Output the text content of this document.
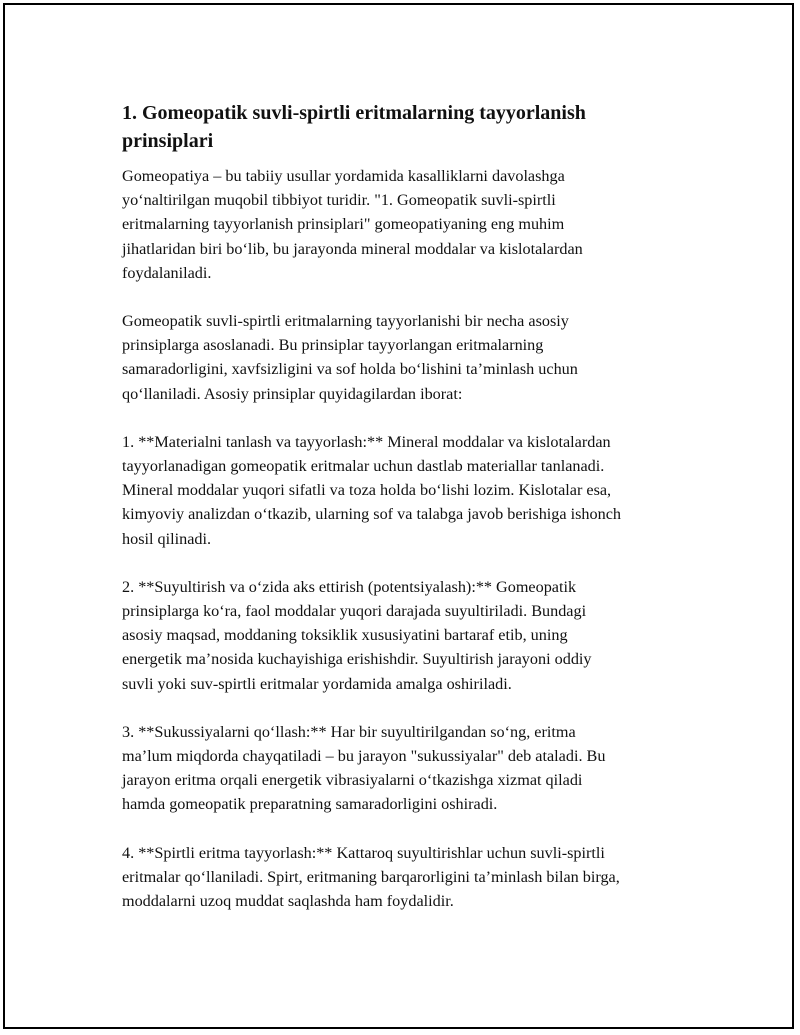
1. Gomeopatik suvli-spirtli eritmalarning tayyorlanish
prinsiplari

Gomeopatiya – bu tabiiy usullar yordamida kasalliklarni davolashga
yo‘naltirilgan muqobil tibbiyot turidir. "1. Gomeopatik suvli-spirtli
eritmalarning tayyorlanish prinsiplari" gomeopatiyaning eng muhim
jihatlaridan biri bo‘lib, bu jarayonda mineral moddalar va kislotalardan
foydalaniladi.

Gomeopatik suvli-spirtli eritmalarning tayyorlanishi bir necha asosiy
prinsiplarga asoslanadi. Bu prinsiplar tayyorlangan eritmalarning
samaradorligini, xavfsizligini va sof holda bo‘lishini ta’minlash uchun
qo‘llaniladi. Asosiy prinsiplar quyidagilardan iborat:

1. **Materialni tanlash va tayyorlash:** Mineral moddalar va kislotalardan
tayyorlanadigan gomeopatik eritmalar uchun dastlab materiallar tanlanadi.
Mineral moddalar yuqori sifatli va toza holda bo‘lishi lozim. Kislotalar esa,
kimyoviy analizdan o‘tkazib, ularning sof va talabga javob berishiga ishonch
hosil qilinadi.

2. **Suyultirish va o‘zida aks ettirish (potentsiyalash):** Gomeopatik
prinsiplarga ko‘ra, faol moddalar yuqori darajada suyultiriladi. Bundagi
asosiy maqsad, moddaning toksiklik xususiyatini bartaraf etib, uning
energetik ma’nosida kuchayishiga erishishdir. Suyultirish jarayoni oddiy
suvli yoki suv-spirtli eritmalar yordamida amalga oshiriladi.

3. **Sukussiyalarni qo‘llash:** Har bir suyultirilgandan so‘ng, eritma
ma’lum miqdorda chayqatiladi – bu jarayon "sukussiyalar" deb ataladi. Bu
jarayon eritma orqali energetik vibrasiyalarni o‘tkazishga xizmat qiladi
hamda gomeopatik preparatning samaradorligini oshiradi.

4. **Spirtli eritma tayyorlash:** Kattaroq suyultirishlar uchun suvli-spirtli
eritmalar qo‘llaniladi. Spirt, eritmaning barqarorligini ta’minlash bilan birga,
moddalarni uzoq muddat saqlashda ham foydalidir.
